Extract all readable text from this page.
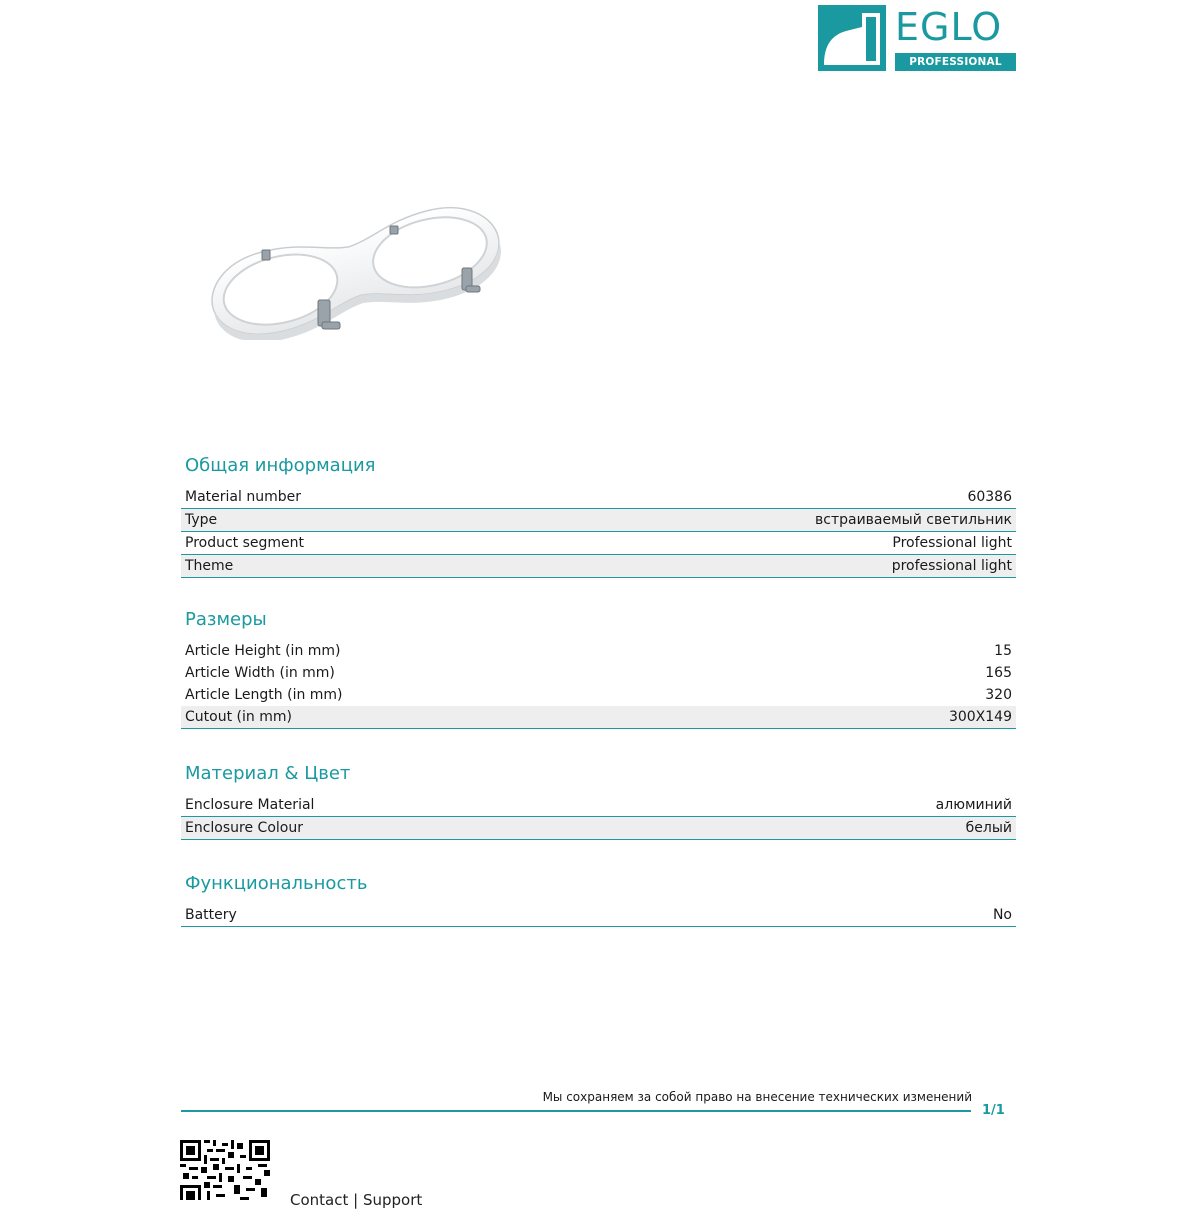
EGLO
PROFESSIONAL LIGHT
Общая информация
Material number	60386
Type	встраиваемый светильник
Product segment	Professional light
Theme	professional light
Размеры
Article Height (in mm)	15
Article Width (in mm)	165
Article Length (in mm)	320
Cutout (in mm)	300X149
Материал & Цвет
Enclosure Material	алюминий
Enclosure Colour	белый
Функциональность
Battery	No
Мы сохраняем за собой право на внесение технических изменений
1/1
Contact | Support
